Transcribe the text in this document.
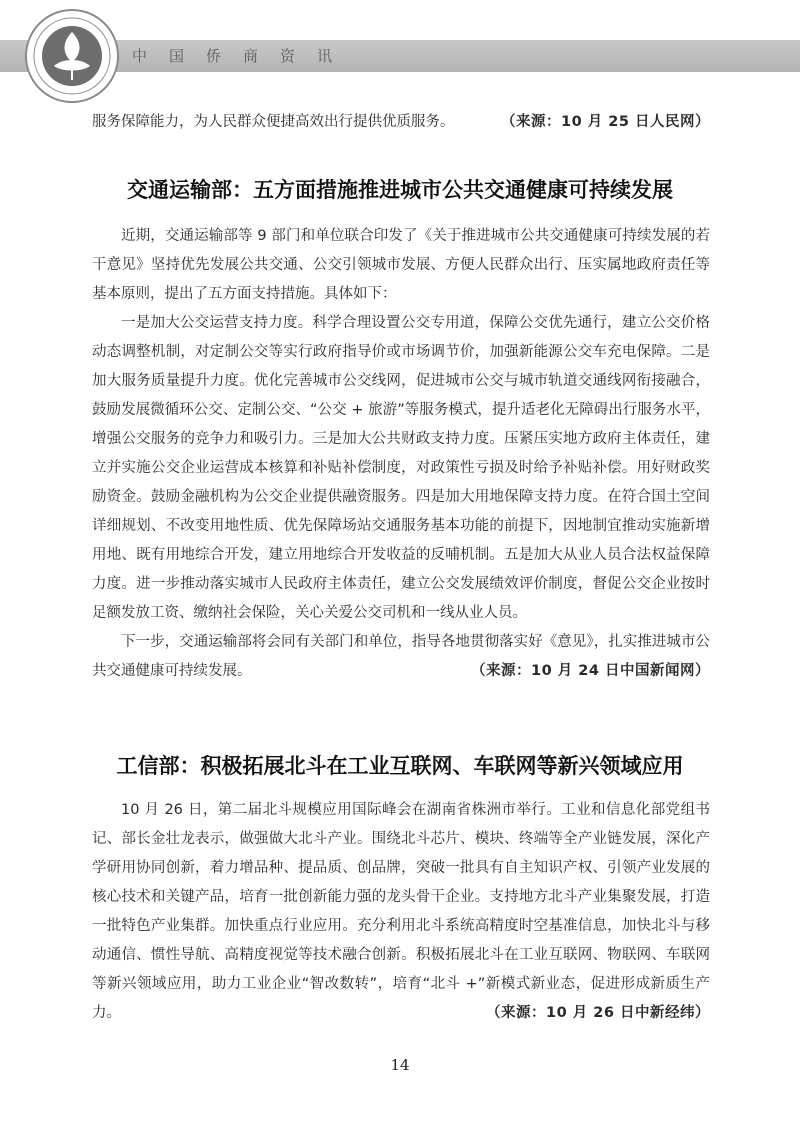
中国侨商资讯

服务保障能力，为人民群众便捷高效出行提供优质服务。	（来源：10 月 25 日人民网）

交通运输部：五方面措施推进城市公共交通健康可持续发展

近期，交通运输部等 9 部门和单位联合印发了《关于推进城市公共交通健康可持续发展的若干意见》坚持优先发展公共交通、公交引领城市发展、方便人民群众出行、压实属地政府责任等基本原则，提出了五方面支持措施。具体如下：

一是加大公交运营支持力度。科学合理设置公交专用道，保障公交优先通行，建立公交价格动态调整机制，对定制公交等实行政府指导价或市场调节价，加强新能源公交车充电保障。二是加大服务质量提升力度。优化完善城市公交线网，促进城市公交与城市轨道交通线网衔接融合，鼓励发展微循环公交、定制公交、“公交 + 旅游”等服务模式，提升适老化无障碍出行服务水平，增强公交服务的竞争力和吸引力。三是加大公共财政支持力度。压紧压实地方政府主体责任，建立并实施公交企业运营成本核算和补贴补偿制度，对政策性亏损及时给予补贴补偿。用好财政奖励资金。鼓励金融机构为公交企业提供融资服务。四是加大用地保障支持力度。在符合国土空间详细规划、不改变用地性质、优先保障场站交通服务基本功能的前提下，因地制宜推动实施新增用地、既有用地综合开发，建立用地综合开发收益的反哺机制。五是加大从业人员合法权益保障力度。进一步推动落实城市人民政府主体责任，建立公交发展绩效评价制度，督促公交企业按时足额发放工资、缴纳社会保险，关心关爱公交司机和一线从业人员。

下一步，交通运输部将会同有关部门和单位，指导各地贯彻落实好《意见》，扎实推进城市公共交通健康可持续发展。	（来源：10 月 24 日中国新闻网）

工信部：积极拓展北斗在工业互联网、车联网等新兴领域应用

10 月 26 日，第二届北斗规模应用国际峰会在湖南省株洲市举行。工业和信息化部党组书记、部长金壮龙表示，做强做大北斗产业。围绕北斗芯片、模块、终端等全产业链发展，深化产学研用协同创新，着力增品种、提品质、创品牌，突破一批具有自主知识产权、引领产业发展的核心技术和关键产品，培育一批创新能力强的龙头骨干企业。支持地方北斗产业集聚发展，打造一批特色产业集群。加快重点行业应用。充分利用北斗系统高精度时空基准信息，加快北斗与移动通信、惯性导航、高精度视觉等技术融合创新。积极拓展北斗在工业互联网、物联网、车联网等新兴领域应用，助力工业企业“智改数转”，培育“北斗 +”新模式新业态，促进形成新质生产力。	（来源：10 月 26 日中新经纬）

14
